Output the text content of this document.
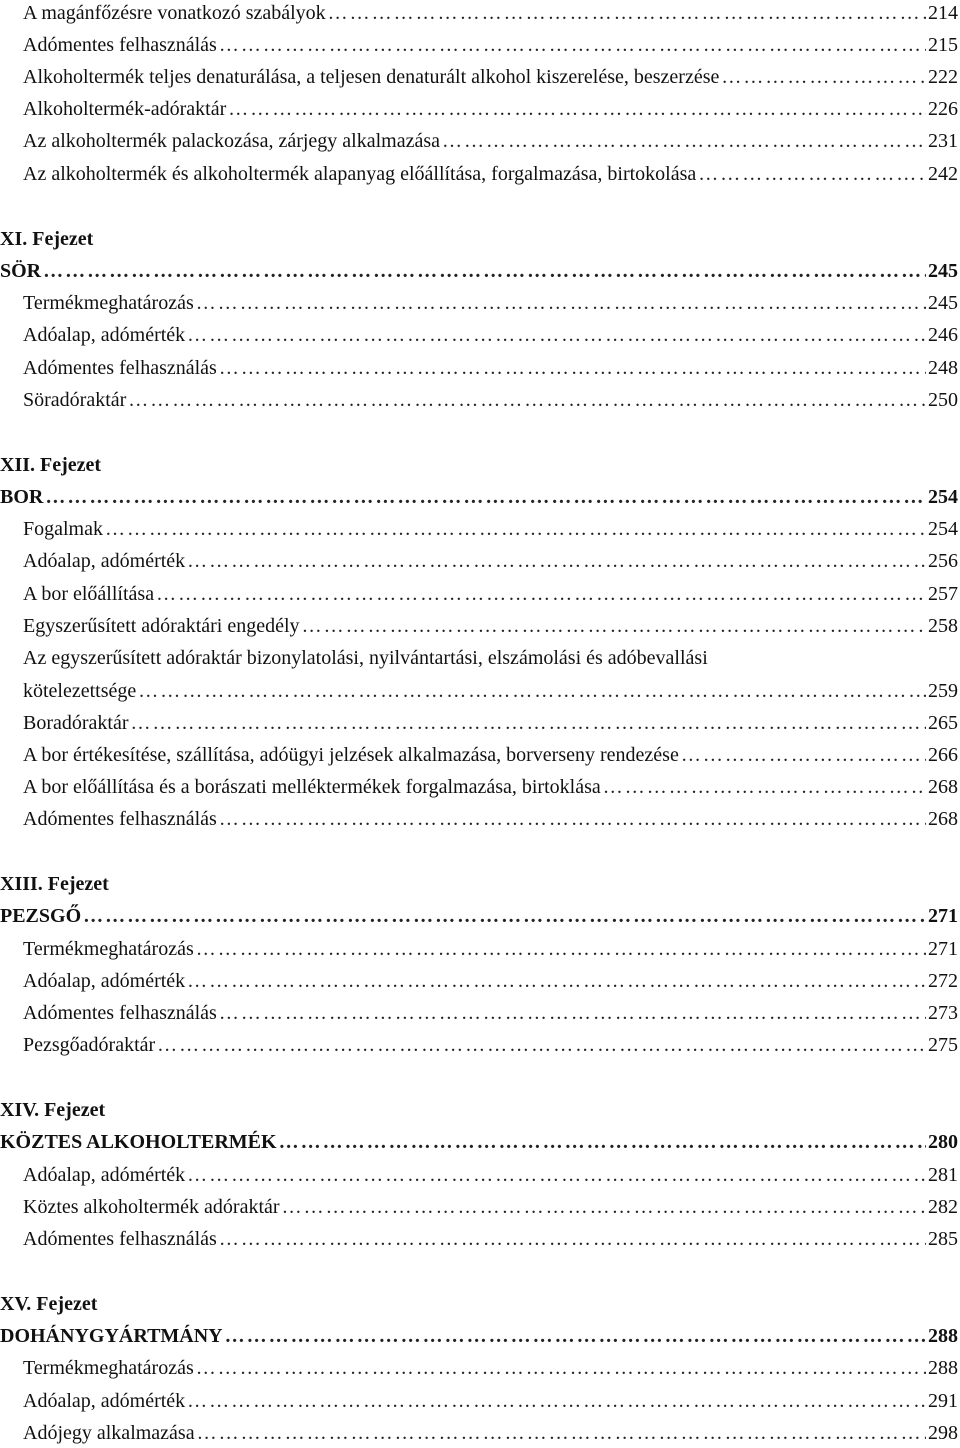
A magánfőzésre vonatkozó szabályok …………………………………………………………………………………………………………………………………………………………………………………………………………	214
Adómentes felhasználás …………………………………………………………………………………………………………………………………………………………………………………………………………	215
Alkoholtermék teljes denaturálása, a teljesen denaturált alkohol kiszerelése, beszerzése …………………………………………………………………………………………………………………………………………………………………………………………………………	222
Alkoholtermék-adóraktár …………………………………………………………………………………………………………………………………………………………………………………………………………	226
Az alkoholtermék palackozása, zárjegy alkalmazása …………………………………………………………………………………………………………………………………………………………………………………………………………	231
Az alkoholtermék és alkoholtermék alapanyag előállítása, forgalmazása, birtokolása …………………………………………………………………………………………………………………………………………………………………………………………………………	242
XI. Fejezet
SÖR …………………………………………………………………………………………………………………………………………………………………………………………………………	245
Termékmeghatározás …………………………………………………………………………………………………………………………………………………………………………………………………………	245
Adóalap, adómérték …………………………………………………………………………………………………………………………………………………………………………………………………………	246
Adómentes felhasználás …………………………………………………………………………………………………………………………………………………………………………………………………………	248
Söradóraktár …………………………………………………………………………………………………………………………………………………………………………………………………………	250
XII. Fejezet
BOR …………………………………………………………………………………………………………………………………………………………………………………………………………	254
Fogalmak …………………………………………………………………………………………………………………………………………………………………………………………………………	254
Adóalap, adómérték …………………………………………………………………………………………………………………………………………………………………………………………………………	256
A bor előállítása …………………………………………………………………………………………………………………………………………………………………………………………………………	257
Egyszerűsített adóraktári engedély …………………………………………………………………………………………………………………………………………………………………………………………………………	258
Az egyszerűsített adóraktár bizonylatolási, nyilvántartási, elszámolási és adóbevallási
kötelezettsége …………………………………………………………………………………………………………………………………………………………………………………………………………	259
Boradóraktár …………………………………………………………………………………………………………………………………………………………………………………………………………	265
A bor értékesítése, szállítása, adóügyi jelzések alkalmazása, borverseny rendezése …………………………………………………………………………………………………………………………………………………………………………………………………………	266
A bor előállítása és a borászati melléktermékek forgalmazása, birtoklása …………………………………………………………………………………………………………………………………………………………………………………………………………	268
Adómentes felhasználás …………………………………………………………………………………………………………………………………………………………………………………………………………	268
XIII. Fejezet
PEZSGŐ …………………………………………………………………………………………………………………………………………………………………………………………………………	271
Termékmeghatározás …………………………………………………………………………………………………………………………………………………………………………………………………………	271
Adóalap, adómérték …………………………………………………………………………………………………………………………………………………………………………………………………………	272
Adómentes felhasználás …………………………………………………………………………………………………………………………………………………………………………………………………………	273
Pezsgőadóraktár …………………………………………………………………………………………………………………………………………………………………………………………………………	275
XIV. Fejezet
KÖZTES ALKOHOLTERMÉK …………………………………………………………………………………………………………………………………………………………………………………………………………	280
Adóalap, adómérték …………………………………………………………………………………………………………………………………………………………………………………………………………	281
Köztes alkoholtermék adóraktár …………………………………………………………………………………………………………………………………………………………………………………………………………	282
Adómentes felhasználás …………………………………………………………………………………………………………………………………………………………………………………………………………	285
XV. Fejezet
DOHÁNYGYÁRTMÁNY …………………………………………………………………………………………………………………………………………………………………………………………………………	288
Termékmeghatározás …………………………………………………………………………………………………………………………………………………………………………………………………………	288
Adóalap, adómérték …………………………………………………………………………………………………………………………………………………………………………………………………………	291
Adójegy alkalmazása …………………………………………………………………………………………………………………………………………………………………………………………………………	298
